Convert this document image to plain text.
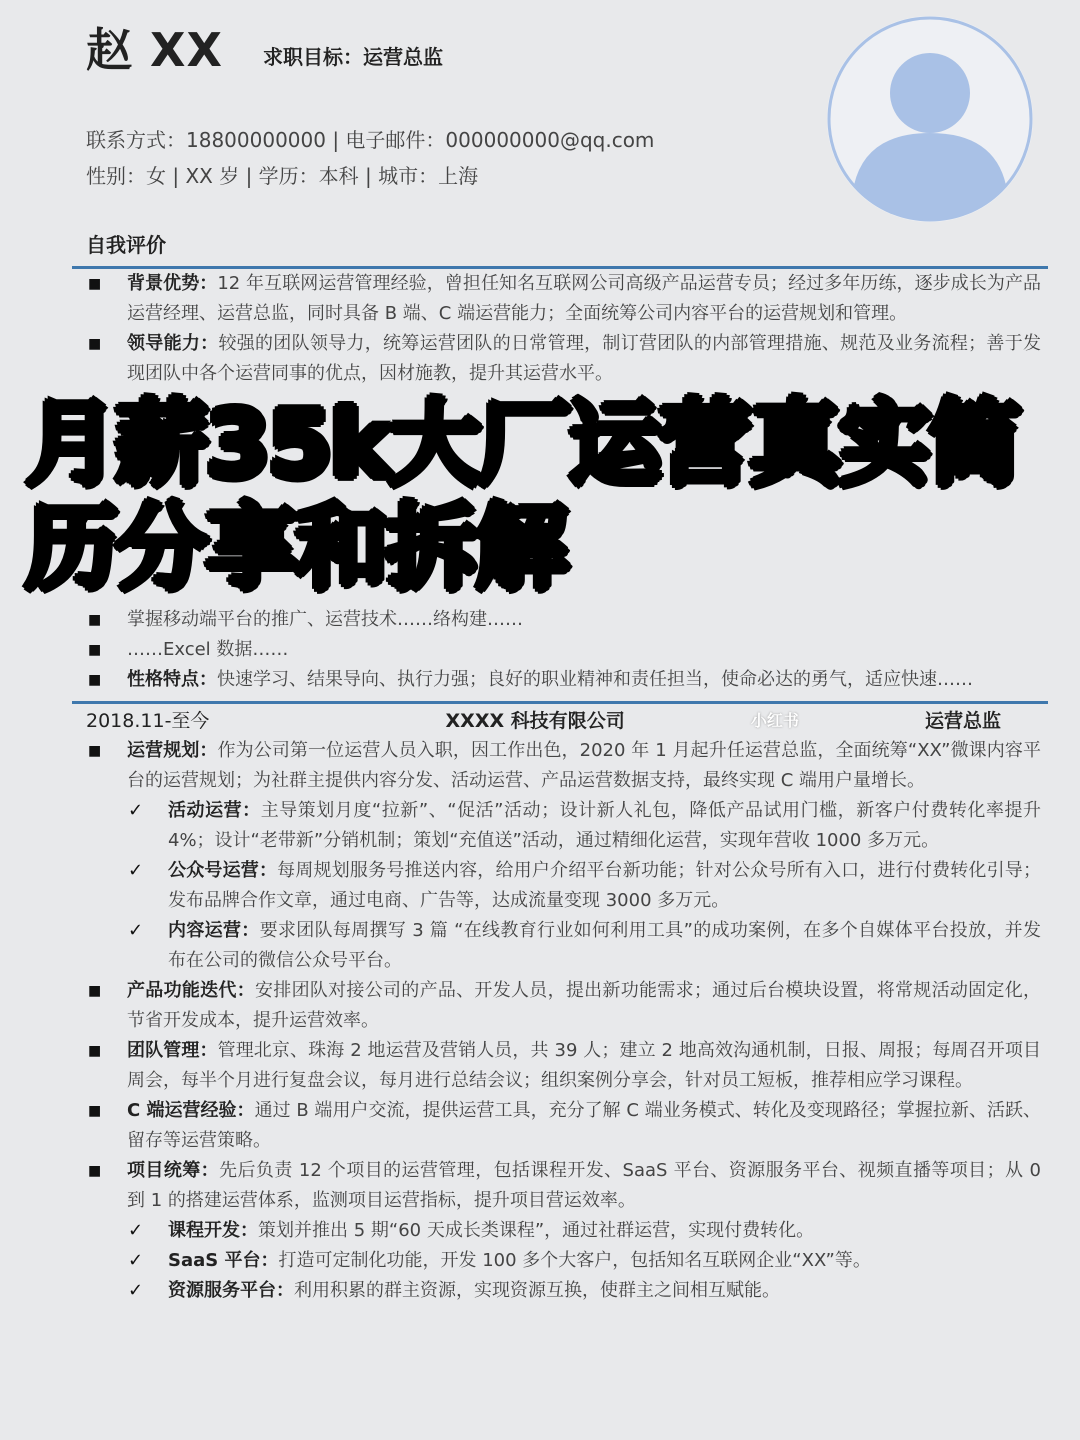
赵 XX 求职目标：运营总监
联系方式：18800000000 | 电子邮件：000000000@qq.com
性别：女 | XX 岁 | 学历：本科 | 城市：上海
自我评价
■ 背景优势：12 年互联网运营管理经验，曾担任知名互联网公司高级产品运营专员；经过多年历练，逐步成长为产品运营经理、运营总监，同时具备 B 端、C 端运营能力；全面统筹公司内容平台的运营规划和管理。
■ 领导能力：较强的团队领导力，统筹运营团队的日常管理，制订营团队的内部管理措施、规范及业务流程；善于发现团队中各个运营同事的优点，因材施教，提升其运营水平。
月薪35k大厂运营真实简
历分享和拆解
■ 掌握移动端平台的推广、运营技术……络构建……
■ ……Excel 数据……
■ 性格特点：快速学习、结果导向、执行力强；良好的职业精神和责任担当，使命必达的勇气，适应快速……
2018.11-至今	XXXX 科技有限公司	小红书	运营总监
■ 运营规划：作为公司第一位运营人员入职，因工作出色，2020 年 1 月起升任运营总监，全面统筹“XX”微课内容平台的运营规划；为社群主提供内容分发、活动运营、产品运营数据支持，最终实现 C 端用户量增长。
✓ 活动运营：主导策划月度“拉新”、“促活”活动；设计新人礼包，降低产品试用门槛，新客户付费转化率提升 4%；设计“老带新”分销机制；策划“充值送”活动，通过精细化运营，实现年营收 1000 多万元。
✓ 公众号运营：每周规划服务号推送内容，给用户介绍平台新功能；针对公众号所有入口，进行付费转化引导；发布品牌合作文章，通过电商、广告等，达成流量变现 3000 多万元。
✓ 内容运营：要求团队每周撰写 3 篇 “在线教育行业如何利用工具”的成功案例，在多个自媒体平台投放，并发布在公司的微信公众号平台。
■ 产品功能迭代：安排团队对接公司的产品、开发人员，提出新功能需求；通过后台模块设置，将常规活动固定化，节省开发成本，提升运营效率。
■ 团队管理：管理北京、珠海 2 地运营及营销人员，共 39 人；建立 2 地高效沟通机制，日报、周报；每周召开项目周会，每半个月进行复盘会议，每月进行总结会议；组织案例分享会，针对员工短板，推荐相应学习课程。
■ C 端运营经验：通过 B 端用户交流，提供运营工具，充分了解 C 端业务模式、转化及变现路径；掌握拉新、活跃、留存等运营策略。
■ 项目统筹：先后负责 12 个项目的运营管理，包括课程开发、SaaS 平台、资源服务平台、视频直播等项目；从 0 到 1 的搭建运营体系，监测项目运营指标，提升项目营运效率。
✓ 课程开发：策划并推出 5 期“60 天成长类课程”，通过社群运营，实现付费转化。
✓ SaaS 平台：打造可定制化功能，开发 100 多个大客户，包括知名互联网企业“XX”等。
✓ 资源服务平台：利用积累的群主资源，实现资源互换，使群主之间相互赋能。
